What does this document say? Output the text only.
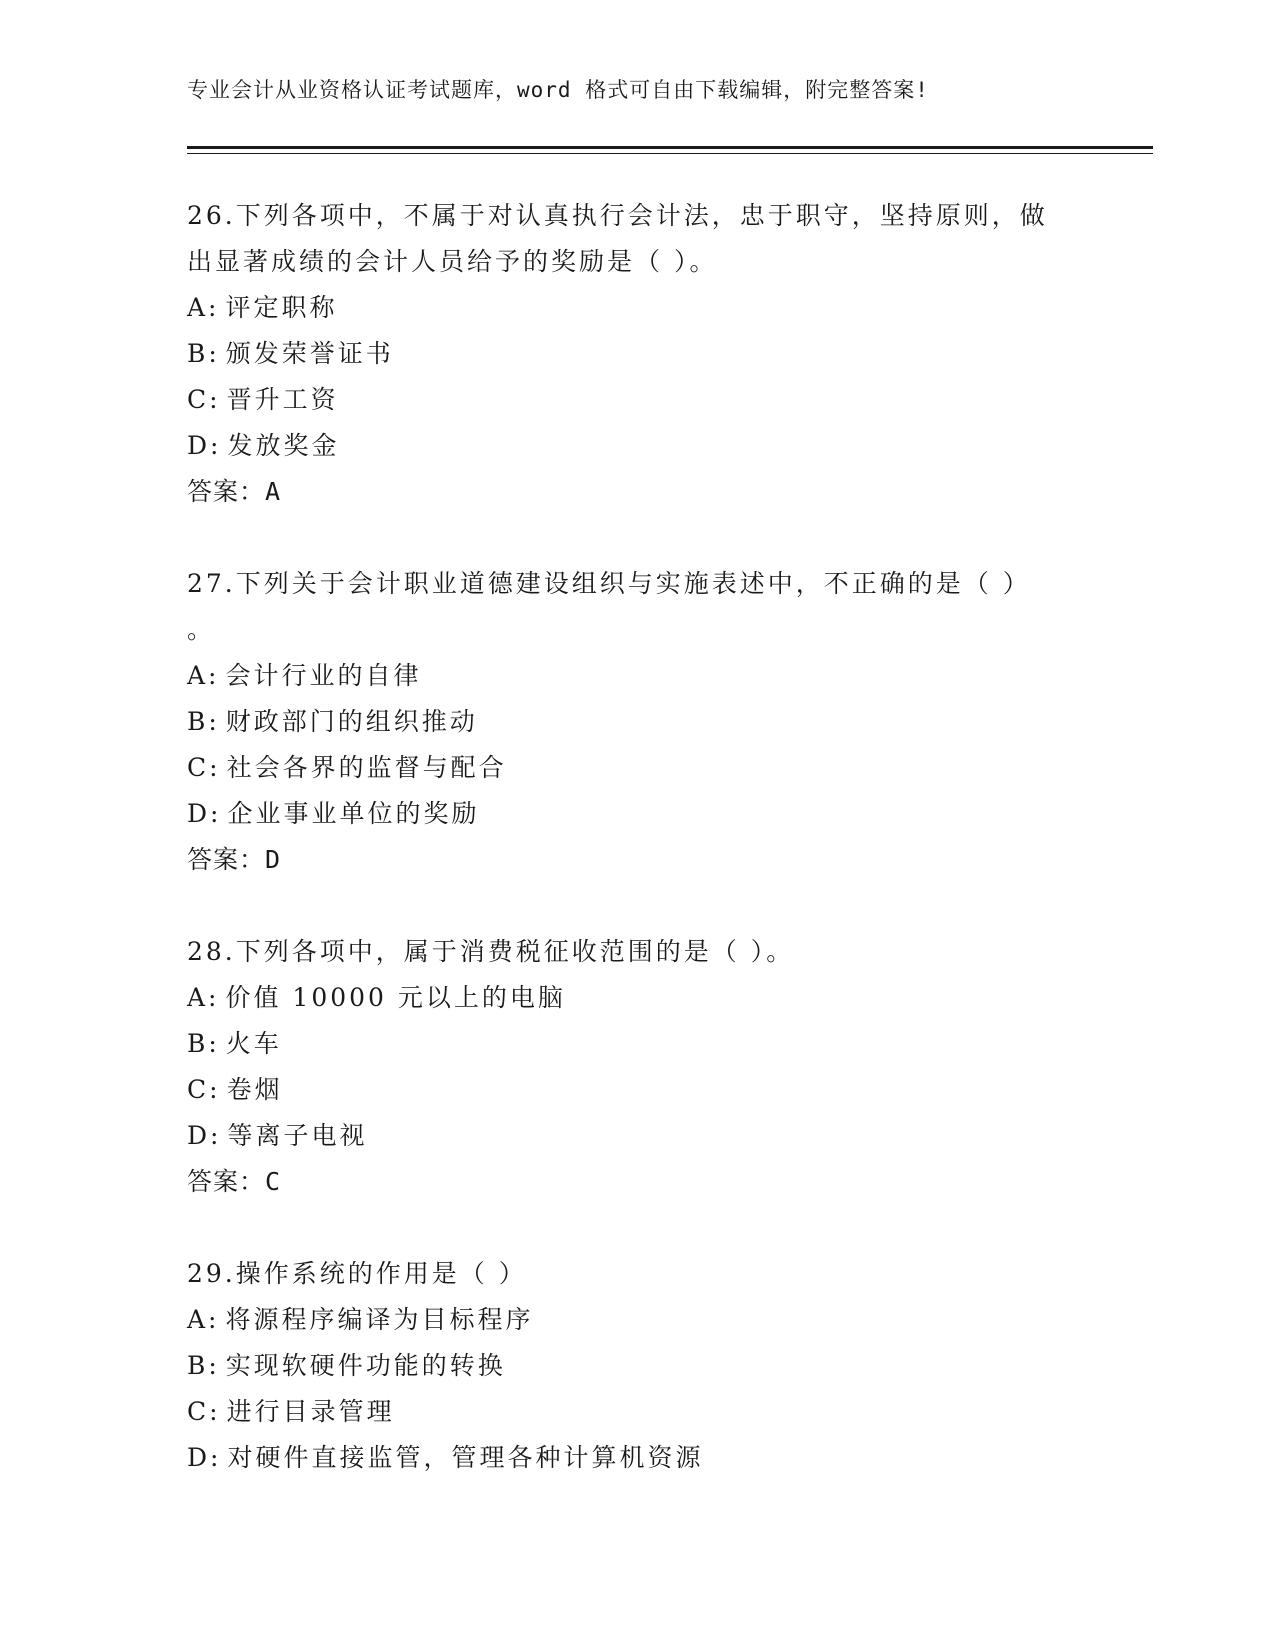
专业会计从业资格认证考试题库，word 格式可自由下载编辑，附完整答案!
26.下列各项中，不属于对认真执行会计法，忠于职守，坚持原则，做
出显著成绩的会计人员给予的奖励是（ ）。
A: 评定职称
B: 颁发荣誉证书
C: 晋升工资
D: 发放奖金
答案：A
27.下列关于会计职业道德建设组织与实施表述中，不正确的是（ ）
。
A: 会计行业的自律
B: 财政部门的组织推动
C: 社会各界的监督与配合
D: 企业事业单位的奖励
答案：D
28.下列各项中，属于消费税征收范围的是（ ）。
A: 价值 10000 元以上的电脑
B: 火车
C: 卷烟
D: 等离子电视
答案：C
29.操作系统的作用是（ ）
A: 将源程序编译为目标程序
B: 实现软硬件功能的转换
C: 进行目录管理
D: 对硬件直接监管，管理各种计算机资源
